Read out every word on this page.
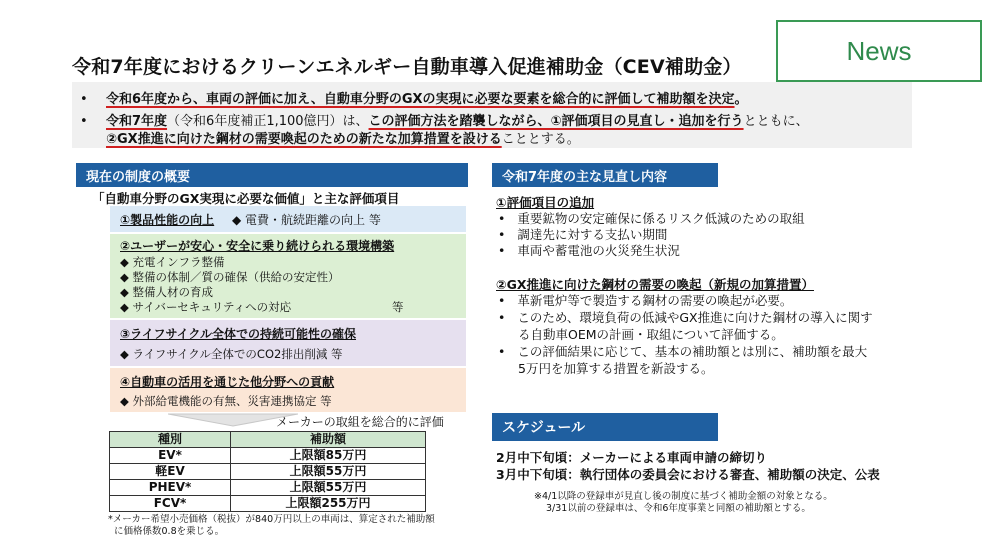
令和7年度におけるクリーンエネルギー自動車導入促進補助金（CEV補助金）
News
• 令和6年度から、車両の評価に加え、自動車分野のGXの実現に必要な要素を総合的に評価して補助額を決定。
• 令和7年度（令和6年度補正1,100億円）は、この評価方法を踏襲しながら、①評価項目の見直し・追加を行うとともに、
②GX推進に向けた鋼材の需要喚起のための新たな加算措置を設けることとする。
現在の制度の概要
「自動車分野のGX実現に必要な価値」と主な評価項目
①製品性能の向上 ◆ 電費・航続距離の向上 等
②ユーザーが安心・安全に乗り続けられる環境構築
◆ 充電インフラ整備
◆ 整備の体制／質の確保（供給の安定性）
◆ 整備人材の育成
◆ サイバーセキュリティへの対応	等
③ライフサイクル全体での持続可能性の確保
◆ ライフサイクル全体でのCO2排出削減 等
④自動車の活用を通じた他分野への貢献
◆ 外部給電機能の有無、災害連携協定 等
メーカーの取組を総合的に評価
種別	補助額
EV*	上限額85万円
軽EV	上限額55万円
PHEV*	上限額55万円
FCV*	上限額255万円
*メーカー希望小売価格（税抜）が840万円以上の車両は、算定された補助額
に価格係数0.8を乗じる。
令和7年度の主な見直し内容
①評価項目の追加
• 重要鉱物の安定確保に係るリスク低減のための取組
• 調達先に対する支払い期間
• 車両や蓄電池の火災発生状況
②GX推進に向けた鋼材の需要の喚起（新規の加算措置）
• 革新電炉等で製造する鋼材の需要の喚起が必要。
• このため、環境負荷の低減やGX推進に向けた鋼材の導入に関す
る自動車OEMの計画・取組について評価する。
• この評価結果に応じて、基本の補助額とは別に、補助額を最大
5万円を加算する措置を新設する。
スケジュール
2月中下旬頃：メーカーによる車両申請の締切り
3月中下旬頃：執行団体の委員会における審査、補助額の決定、公表
※4/1以降の登録車が見直し後の制度に基づく補助金額の対象となる。
3/31以前の登録車は、令和6年度事業と同額の補助額とする。
